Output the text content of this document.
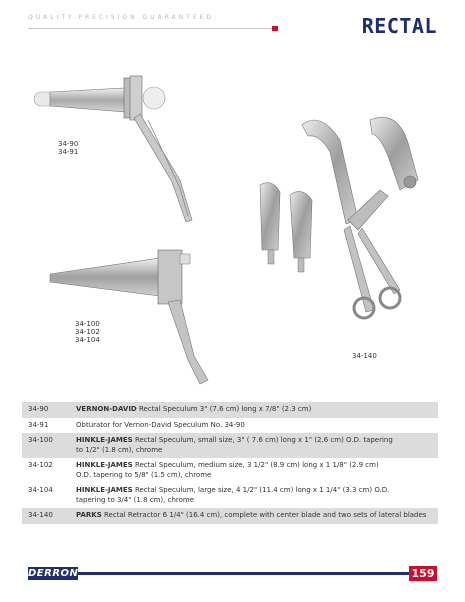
QUALITY.PRECISION.GUARANTEED.	RECTAL
34-90
34-91
34-100
34-102
34-104
34-140
34-90	VERNON-DAVID Rectal Speculum 3" (7.6 cm) long x 7/8" (2.3 cm)
34-91	Obturator for Vernon-David Speculum No. 34-90
34-100	HINKLE-JAMES Rectal Speculum, small size, 3" ( 7.6 cm) long x 1" (2.6 cm) O.D. tapering
to 1/2" (1.8 cm), chrome
34-102	HINKLE-JAMES Rectal Speculum, medium size, 3 1/2" (8.9 cm) long x 1 1/8" (2.9 cm)
O.D. tapering to 5/8" (1.5 cm), chrome
34-104	HINKLE-JAMES Rectal Speculum, large size, 4 1/2" (11.4 cm) long x 1 1/4" (3.3 cm) O.D.
tapering to 3/4" (1.8 cm), chrome
34-140	PARKS Rectal Retractor 6 1/4" (16.4 cm), complete with center blade and two sets of lateral blades
DERRON	159
